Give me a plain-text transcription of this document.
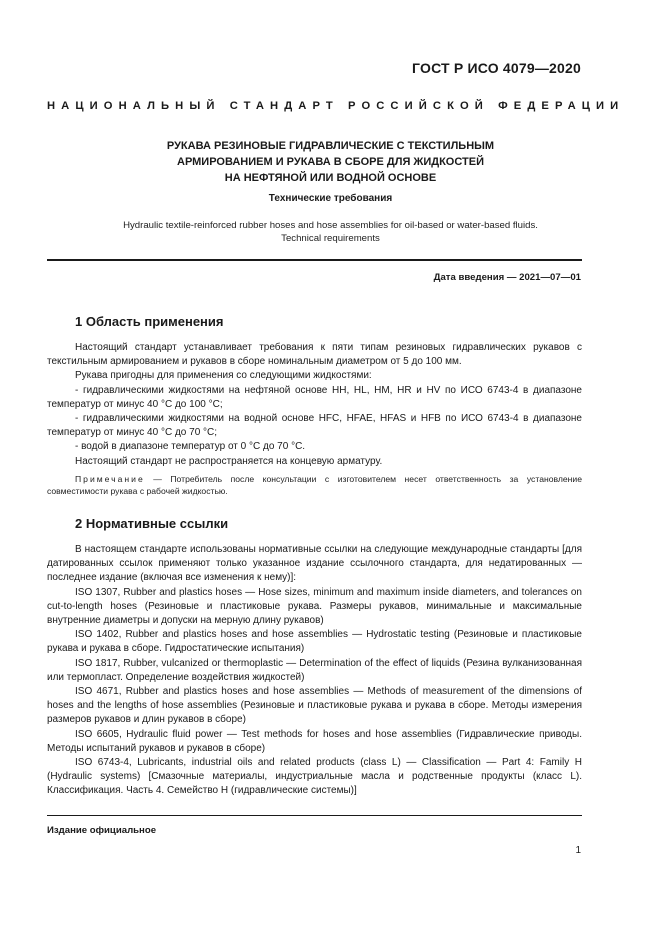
ГОСТ Р ИСО 4079—2020
НАЦИОНАЛЬНЫЙ СТАНДАРТ РОССИЙСКОЙ ФЕДЕРАЦИИ
РУКАВА РЕЗИНОВЫЕ ГИДРАВЛИЧЕСКИЕ С ТЕКСТИЛЬНЫМ
АРМИРОВАНИЕМ И РУКАВА В СБОРЕ ДЛЯ ЖИДКОСТЕЙ
НА НЕФТЯНОЙ ИЛИ ВОДНОЙ ОСНОВЕ
Технические требования
Hydraulic textile-reinforced rubber hoses and hose assemblies for oil-based or water-based fluids.
Technical requirements
Дата введения — 2021—07—01
1 Область применения

Настоящий стандарт устанавливает требования к пяти типам резиновых гидравлических рукавов с текстильным армированием и рукавов в сборе номинальным диаметром от 5 до 100 мм.

Рукава пригодны для применения со следующими жидкостями:

- гидравлическими жидкостями на нефтяной основе HH, HL, HM, HR и HV по ИСО 6743-4 в диапазоне температур от минус 40 °C до 100 °C;

- гидравлическими жидкостями на водной основе HFC, HFAE, HFAS и HFB по ИСО 6743-4 в диапазоне температур от минус 40 °C до 70 °C;

- водой в диапазоне температур от 0 °C до 70 °C.

Настоящий стандарт не распространяется на концевую арматуру.

Примечание — Потребитель после консультации с изготовителем несет ответственность за установление совместимости рукава с рабочей жидкостью.

2 Нормативные ссылки

В настоящем стандарте использованы нормативные ссылки на следующие международные стандарты [для датированных ссылок применяют только указанное издание ссылочного стандарта, для недатированных — последнее издание (включая все изменения к нему)]:

ISO 1307, Rubber and plastics hoses — Hose sizes, minimum and maximum inside diameters, and tolerances on cut-to-length hoses (Резиновые и пластиковые рукава. Размеры рукавов, минимальные и максимальные внутренние диаметры и допуски на мерную длину рукавов)

ISO 1402, Rubber and plastics hoses and hose assemblies — Hydrostatic testing (Резиновые и пластиковые рукава и рукава в сборе. Гидростатические испытания)

ISO 1817, Rubber, vulcanized or thermoplastic — Determination of the effect of liquids (Резина вулканизованная или термопласт. Определение воздействия жидкостей)

ISO 4671, Rubber and plastics hoses and hose assemblies — Methods of measurement of the dimensions of hoses and the lengths of hose assemblies (Резиновые и пластиковые рукава и рукава в сборе. Методы измерения размеров рукавов и длин рукавов в сборе)

ISO 6605, Hydraulic fluid power — Test methods for hoses and hose assemblies (Гидравлические приводы. Методы испытаний рукавов и рукавов в сборе)

ISO 6743-4, Lubricants, industrial oils and related products (class L) — Classification — Part 4: Family H (Hydraulic systems) [Смазочные материалы, индустриальные масла и родственные продукты (класс L). Классификация. Часть 4. Семейство H (гидравлические системы)]

Издание официальное
1
